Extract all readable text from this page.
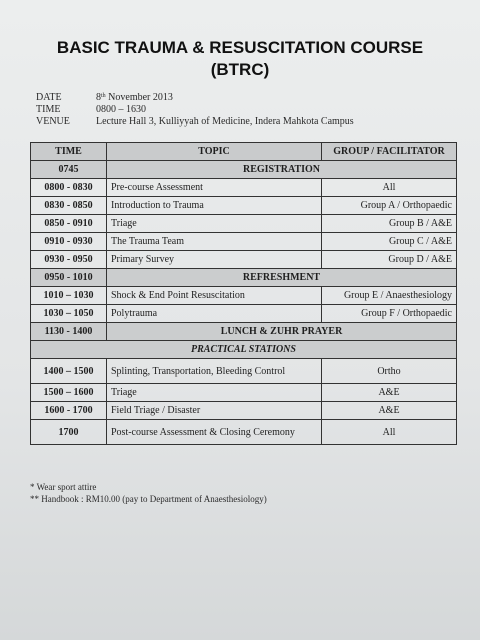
BASIC TRAUMA & RESUSCITATION COURSE
(BTRC)
DATE	8th November 2013
TIME	0800 – 1630
VENUE	Lecture Hall 3, Kulliyyah of Medicine, Indera Mahkota Campus
TIME	TOPIC	GROUP / FACILITATOR
0745	REGISTRATION	
0800 - 0830	Pre-course Assessment	All
0830 - 0850	Introduction to Trauma	Group A / Orthopaedic
0850 - 0910	Triage	Group B / A&E
0910 - 0930	The Trauma Team	Group C / A&E
0930 - 0950	Primary Survey	Group D / A&E
0950 - 1010	REFRESHMENT	
1010 – 1030	Shock & End Point Resuscitation	Group E / Anaesthesiology
1030 – 1050	Polytrauma	Group F / Orthopaedic
1130 - 1400	LUNCH & ZUHR PRAYER	
PRACTICAL STATIONS		
1400 – 1500	Splinting, Transportation, Bleeding Control	Ortho
1500 – 1600	Triage	A&E
1600 - 1700	Field Triage / Disaster	A&E
1700	Post-course Assessment & Closing Ceremony	All
* Wear sport attire
** Handbook : RM10.00 (pay to Department of Anaesthesiology)
